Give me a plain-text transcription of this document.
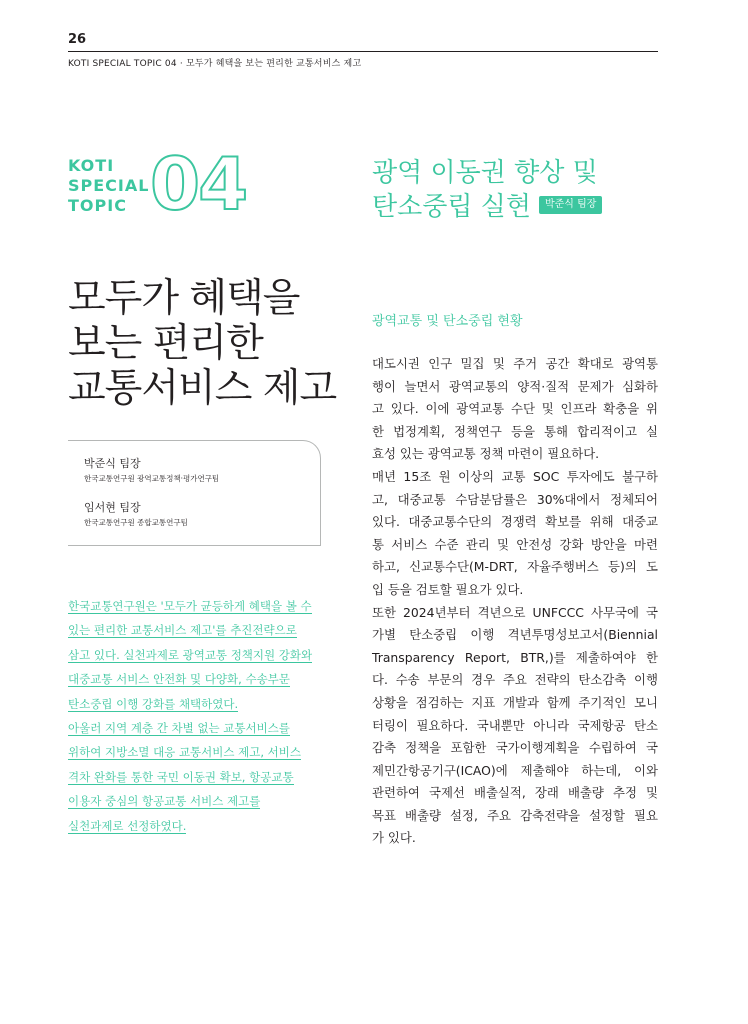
26
KOTI SPECIAL TOPIC 04 · 모두가 혜택을 보는 편리한 교통서비스 제고
KOTI
SPECIAL
TOPIC 04
모두가 혜택을
보는 편리한
교통서비스 제고
박준식 팀장
한국교통연구원 광역교통정책·평가연구팀
임서현 팀장
한국교통연구원 종합교통연구팀
한국교통연구원은 '모두가 균등하게 혜택을 볼 수
있는 편리한 교통서비스 제고'를 추진전략으로
삼고 있다. 실천과제로 광역교통 정책지원 강화와
대중교통 서비스 안전화 및 다양화, 수송부문
탄소중립 이행 강화를 채택하였다.
아울러 지역 계층 간 차별 없는 교통서비스를
위하여 지방소멸 대응 교통서비스 제고, 서비스
격차 완화를 통한 국민 이동권 확보, 항공교통
이용자 중심의 항공교통 서비스 제고를
실천과제로 선정하였다.
광역 이동권 향상 및
탄소중립 실현 박준식 팀장
광역교통 및 탄소중립 현황
대도시권 인구 밀집 및 주거 공간 확대로 광역통
행이 늘면서 광역교통의 양적·질적 문제가 심화하
고 있다. 이에 광역교통 수단 및 인프라 확충을 위
한 법정계획, 정책연구 등을 통해 합리적이고 실
효성 있는 광역교통 정책 마련이 필요하다.
매년 15조 원 이상의 교통 SOC 투자에도 불구하
고, 대중교통 수담분담률은 30%대에서 정체되어
있다. 대중교통수단의 경쟁력 확보를 위해 대중교
통 서비스 수준 관리 및 안전성 강화 방안을 마련
하고, 신교통수단(M-DRT, 자율주행버스 등)의 도
입 등을 검토할 필요가 있다.
또한 2024년부터 격년으로 UNFCCC 사무국에 국
가별 탄소중립 이행 격년투명성보고서(Biennial
Transparency Report, BTR,)를 제출하여야 한
다. 수송 부문의 경우 주요 전략의 탄소감축 이행
상황을 점검하는 지표 개발과 함께 주기적인 모니
터링이 필요하다. 국내뿐만 아니라 국제항공 탄소
감축 정책을 포함한 국가이행계획을 수립하여 국
제민간항공기구(ICAO)에 제출해야 하는데, 이와
관련하여 국제선 배출실적, 장래 배출량 추정 및
목표 배출량 설정, 주요 감축전략을 설정할 필요
가 있다.
